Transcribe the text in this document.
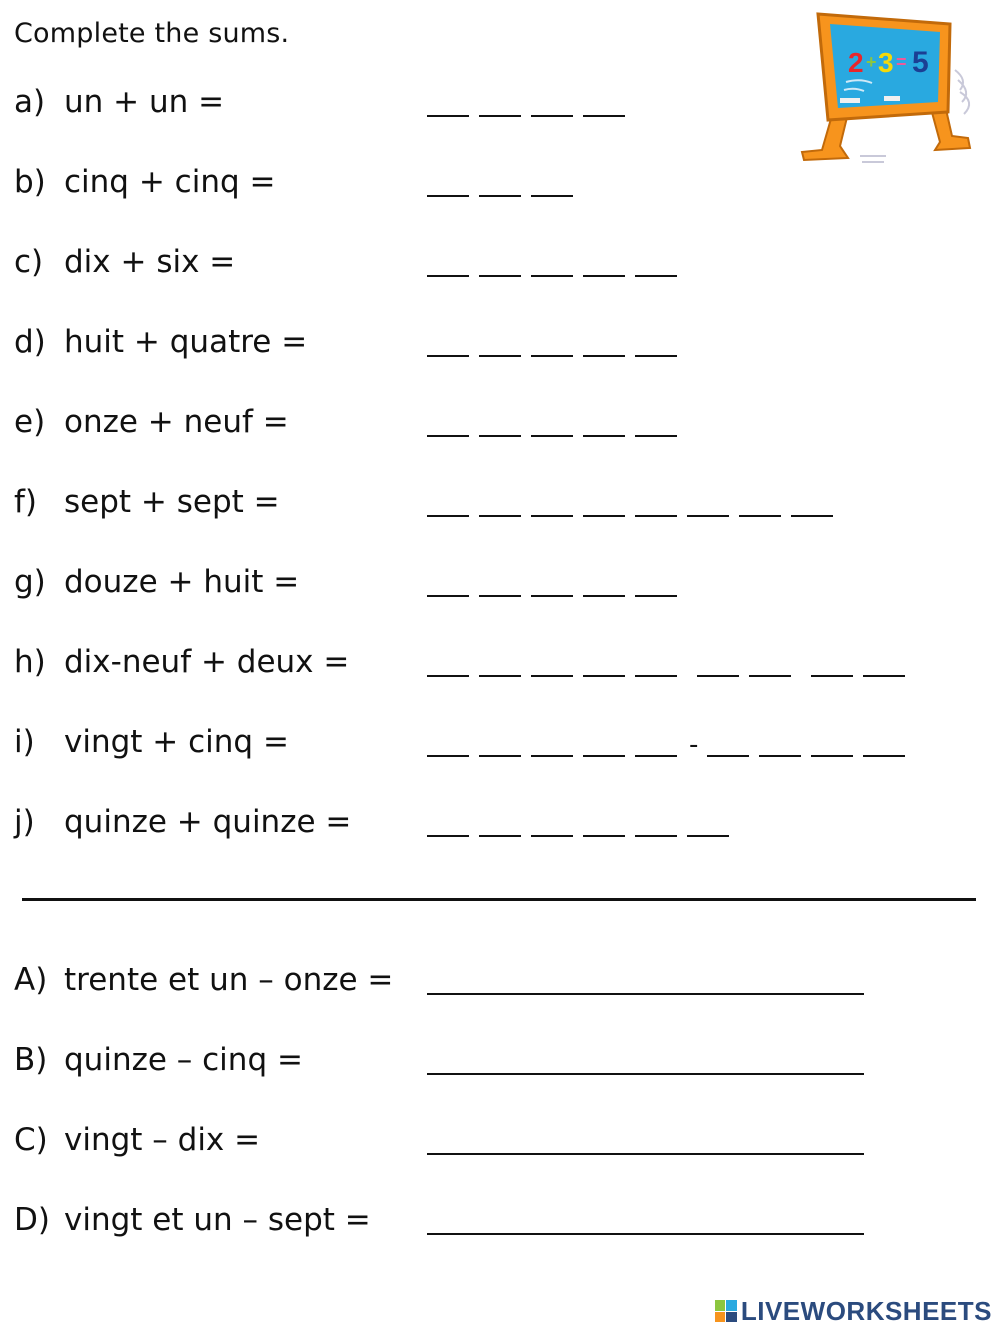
Complete the sums.
2 + 3 = 5
a) un + un =
b) cinq + cinq =
c) dix + six =
d) huit + quatre =
e) onze + neuf =
f) sept + sept =
g) douze + huit =
h) dix-neuf + deux =
i) vingt + cinq =	-
j) quinze + quinze =
A) trente et un – onze =
B) quinze – cinq =
C) vingt – dix =
D) vingt et un – sept =
LIVEWORKSHEETS
